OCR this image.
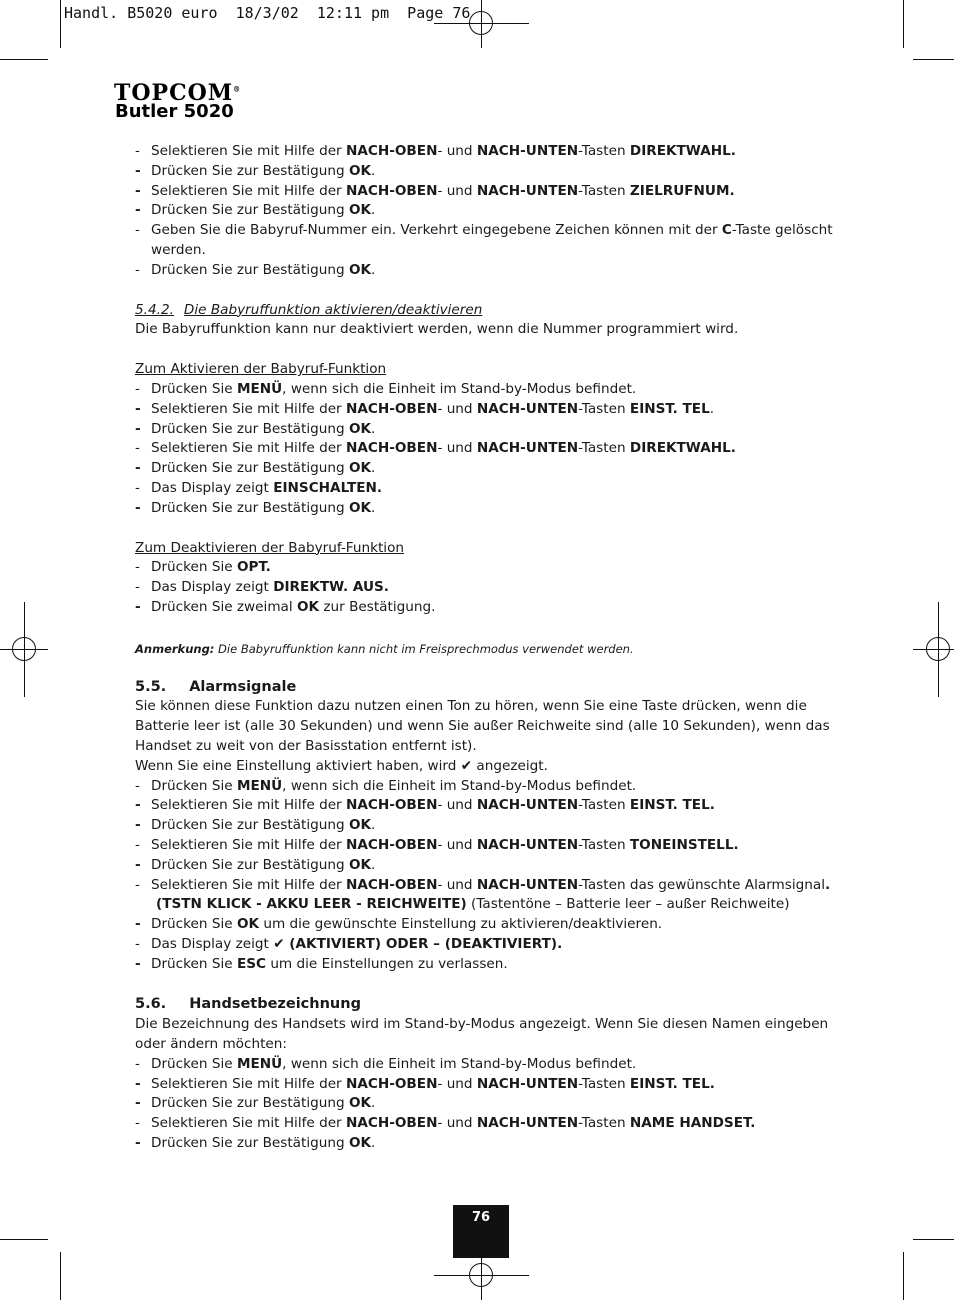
Handl. B5020 euro  18/3/02  12:11 pm  Page 76
TOPCOM®
Butler 5020
- Selektieren Sie mit Hilfe der NACH-OBEN- und NACH-UNTEN-Tasten DIREKTWAHL.
- Drücken Sie zur Bestätigung OK.
- Selektieren Sie mit Hilfe der NACH-OBEN- und NACH-UNTEN-Tasten ZIELRUFNUM.
- Drücken Sie zur Bestätigung OK.
- Geben Sie die Babyruf-Nummer ein. Verkehrt eingegebene Zeichen können mit der C-Taste gelöscht werden.
- Drücken Sie zur Bestätigung OK.
5.4.2. Die Babyruffunktion aktivieren/deaktivieren
Die Babyruffunktion kann nur deaktiviert werden, wenn die Nummer programmiert wird.
Zum Aktivieren der Babyruf-Funktion
- Drücken Sie MENÜ, wenn sich die Einheit im Stand-by-Modus befindet.
- Selektieren Sie mit Hilfe der NACH-OBEN- und NACH-UNTEN-Tasten EINST. TEL.
- Drücken Sie zur Bestätigung OK.
- Selektieren Sie mit Hilfe der NACH-OBEN- und NACH-UNTEN-Tasten DIREKTWAHL.
- Drücken Sie zur Bestätigung OK.
- Das Display zeigt EINSCHALTEN.
- Drücken Sie zur Bestätigung OK.
Zum Deaktivieren der Babyruf-Funktion
- Drücken Sie OPT.
- Das Display zeigt DIREKTW. AUS.
- Drücken Sie zweimal OK zur Bestätigung.
Anmerkung: Die Babyruffunktion kann nicht im Freisprechmodus verwendet werden.
5.5. Alarmsignale
Sie können diese Funktion dazu nutzen einen Ton zu hören, wenn Sie eine Taste drücken, wenn die Batterie leer ist (alle 30 Sekunden) und wenn Sie außer Reichweite sind (alle 10 Sekunden), wenn das Handset zu weit von der Basisstation entfernt ist).
Wenn Sie eine Einstellung aktiviert haben, wird ✔ angezeigt.
- Drücken Sie MENÜ, wenn sich die Einheit im Stand-by-Modus befindet.
- Selektieren Sie mit Hilfe der NACH-OBEN- und NACH-UNTEN-Tasten EINST. TEL.
- Drücken Sie zur Bestätigung OK.
- Selektieren Sie mit Hilfe der NACH-OBEN- und NACH-UNTEN-Tasten TONEINSTELL.
- Drücken Sie zur Bestätigung OK.
- Selektieren Sie mit Hilfe der NACH-OBEN- und NACH-UNTEN-Tasten das gewünschte Alarmsignal.
(TSTN KLICK - AKKU LEER - REICHWEITE) (Tastentöne – Batterie leer – außer Reichweite)
- Drücken Sie OK um die gewünschte Einstellung zu aktivieren/deaktivieren.
- Das Display zeigt ✔ (AKTIVIERT) ODER – (DEAKTIVIERT).
- Drücken Sie ESC um die Einstellungen zu verlassen.
5.6. Handsetbezeichnung
Die Bezeichnung des Handsets wird im Stand-by-Modus angezeigt. Wenn Sie diesen Namen eingeben oder ändern möchten:
- Drücken Sie MENÜ, wenn sich die Einheit im Stand-by-Modus befindet.
- Selektieren Sie mit Hilfe der NACH-OBEN- und NACH-UNTEN-Tasten EINST. TEL.
- Drücken Sie zur Bestätigung OK.
- Selektieren Sie mit Hilfe der NACH-OBEN- und NACH-UNTEN-Tasten NAME HANDSET.
- Drücken Sie zur Bestätigung OK.
76
